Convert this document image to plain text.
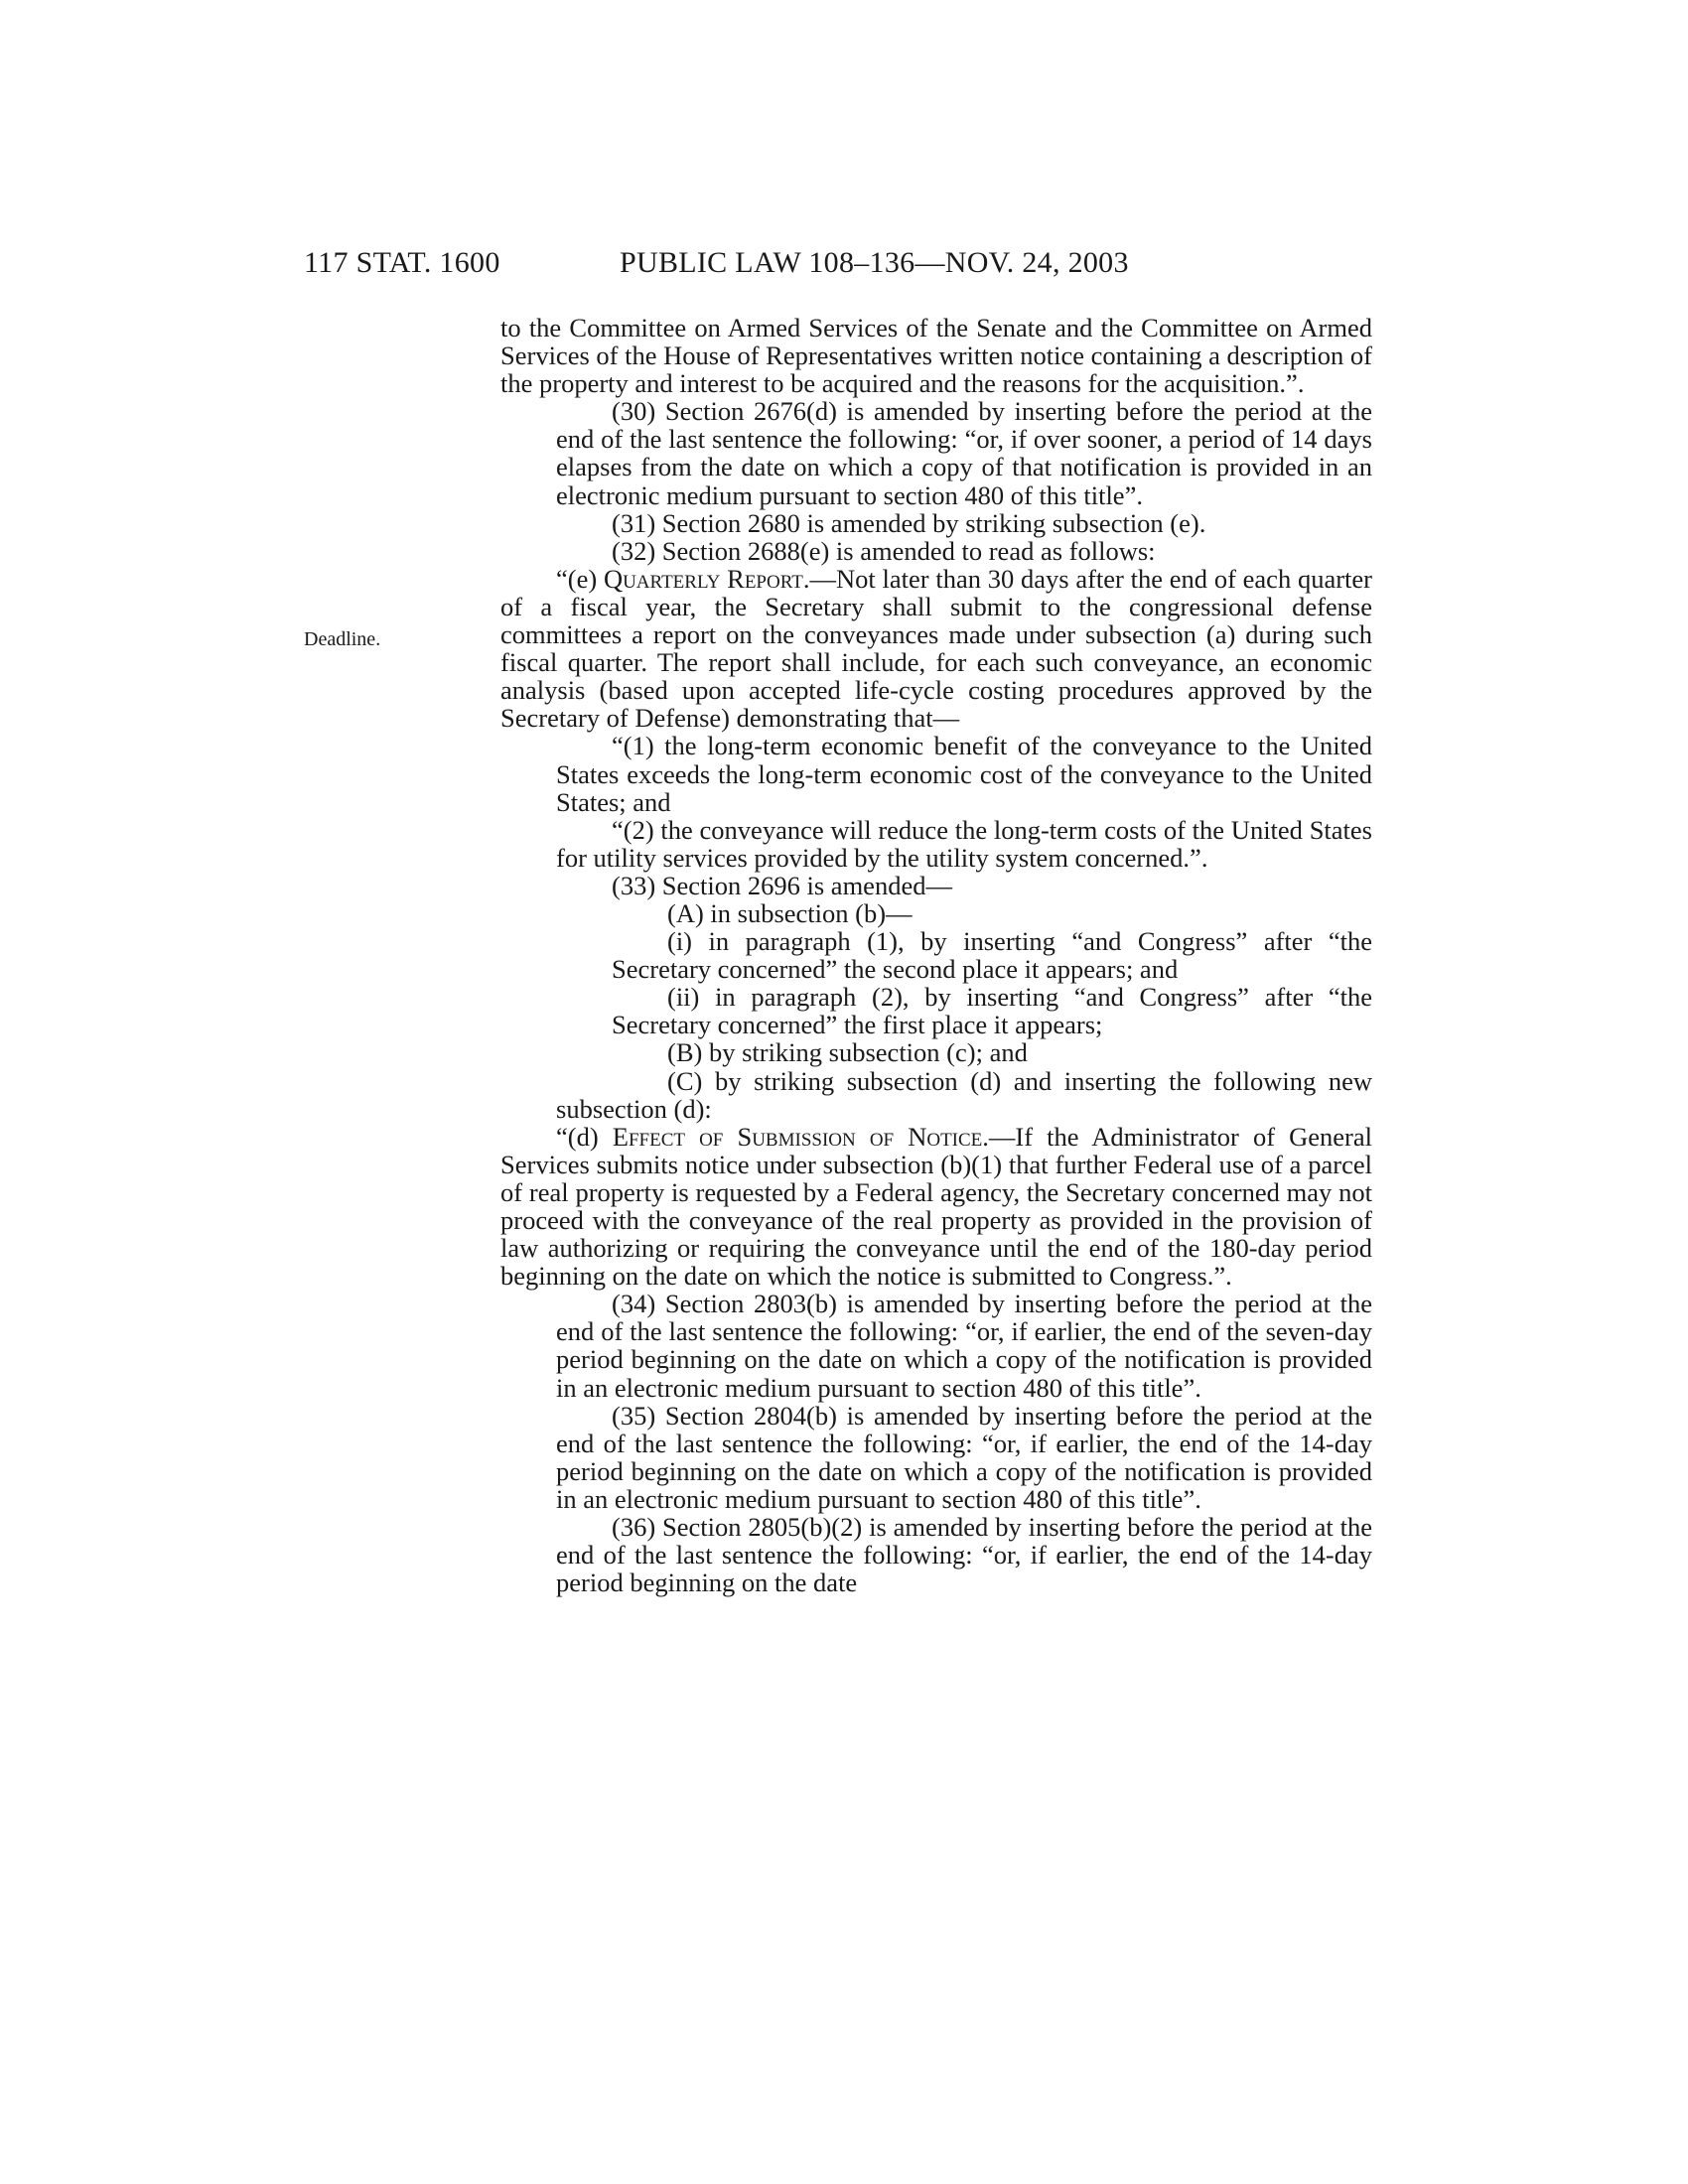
117 STAT. 1600	PUBLIC LAW 108–136—NOV. 24, 2003
Deadline.

to the Committee on Armed Services of the Senate and the Committee on Armed Services of the House of Representatives written notice containing a description of the property and interest to be acquired and the reasons for the acquisition.”.

(30) Section 2676(d) is amended by inserting before the period at the end of the last sentence the following: “or, if over sooner, a period of 14 days elapses from the date on which a copy of that notification is provided in an electronic medium pursuant to section 480 of this title”.

(31) Section 2680 is amended by striking subsection (e).

(32) Section 2688(e) is amended to read as follows:

“(e) Quarterly Report.—Not later than 30 days after the end of each quarter of a fiscal year, the Secretary shall submit to the congressional defense committees a report on the conveyances made under subsection (a) during such fiscal quarter. The report shall include, for each such conveyance, an economic analysis (based upon accepted life-cycle costing procedures approved by the Secretary of Defense) demonstrating that—

“(1) the long-term economic benefit of the conveyance to the United States exceeds the long-term economic cost of the conveyance to the United States; and

“(2) the conveyance will reduce the long-term costs of the United States for utility services provided by the utility system concerned.”.

(33) Section 2696 is amended—

(A) in subsection (b)—

(i) in paragraph (1), by inserting “and Congress” after “the Secretary concerned” the second place it appears; and

(ii) in paragraph (2), by inserting “and Congress” after “the Secretary concerned” the first place it appears;

(B) by striking subsection (c); and

(C) by striking subsection (d) and inserting the following new subsection (d):

“(d) Effect of Submission of Notice.—If the Administrator of General Services submits notice under subsection (b)(1) that further Federal use of a parcel of real property is requested by a Federal agency, the Secretary concerned may not proceed with the conveyance of the real property as provided in the provision of law authorizing or requiring the conveyance until the end of the 180-day period beginning on the date on which the notice is submitted to Congress.”.

(34) Section 2803(b) is amended by inserting before the period at the end of the last sentence the following: “or, if earlier, the end of the seven-day period beginning on the date on which a copy of the notification is provided in an electronic medium pursuant to section 480 of this title”.

(35) Section 2804(b) is amended by inserting before the period at the end of the last sentence the following: “or, if earlier, the end of the 14-day period beginning on the date on which a copy of the notification is provided in an electronic medium pursuant to section 480 of this title”.

(36) Section 2805(b)(2) is amended by inserting before the period at the end of the last sentence the following: “or, if earlier, the end of the 14-day period beginning on the date
